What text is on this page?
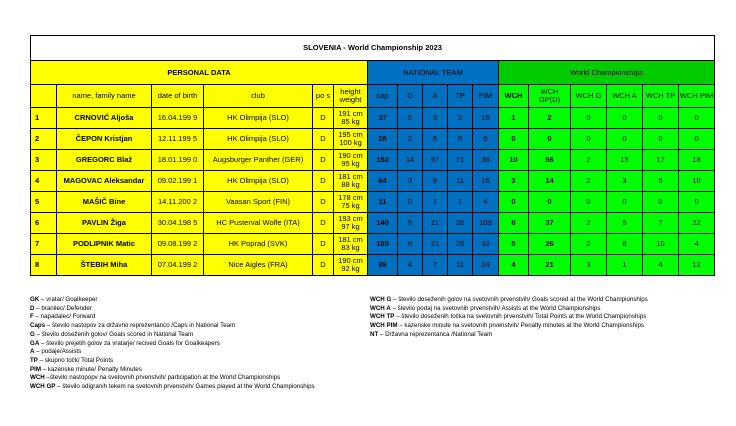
SLOVENIA - World Championship 2023																
PERSONAL DATA						NATIONAL TEAM					World Championships					
	name, family name	date of birth	club	po s	height weight	cap	G	A	TP	PIM	WCH	WCH GP(D)	WCH G	WCH A	WCH TP	WCH PIM
1	CRNOVIĆ Aljoša	16.04.199 9	HK Olimpija (SLO)	D	191 cm 85 kg	37	0	3	3	16	1	2	0	0	0	0
2	ČEPON Kristjan	12.11.199 5	HK Olimpija (SLO)	D	195 cm 100 kg	28	2	6	8	6	0	0	0	0	0	0
3	GREGORC Blaž	18.01.199 0	Augsburger Panther (GER)	D	190 cm 95 kg	152	14	57	71	36	10	56	2	15	17	18
4	MAGOVAC Aleksandar	09.02.199 1	HK Olimpija (SLO)	D	181 cm 88 kg	64	3	8	11	16	3	14	2	3	5	10
5	MAŠIČ Bine	14.11.200 2	Vaasan Sport (FIN)	D	178 cm 75 kg	11	0	1	1	4	0	0	0	0	0	0
6	PAVLIN Žiga	30.04.198 5	HC Pusterval Wolfe (ITA)	D	193 cm 97 kg	140	5	21	26	109	8	37	2	5	7	22
7	PODLIPNIK Matic	09.08.199 2	HK Poprad (SVK)	D	181 cm 83 kg	103	8	21	29	32	5	26	2	8	10	4
8	ŠTEBIH Miha	07.04.199 2	Nice Aigles (FRA)	D	190 cm 92 kg	89	4	7	11	24	4	21	3	1	4	12
GK – vratar/ Goalkeeper
D – branilec/ Defender
F – napadalec/ Forward
Caps – število nastopov za državno reprezentanco /Caps in National Team
G – število doseženih golov/ Goals scored in National Team
GA – število prejetih golov za vratarje/ recived Goals for Goalkeapers
A – podaje/Assists
TP – skupno točk/ Total Points
PIM – kazenske minute/ Penalty Minutes
WCH –število nastopopv na svetovnih prvenstvih/ participation at the World Championships
WCH GP – število odigranih tekem na svetovnih prvenstvih/ Games played at the World Championships
WCH G – število doseženih golov na svetovnih prvenstvih/ Goals scored at the World Championships
WCH A – število podaj na svetovnih prvenstvih/ Assists at the World Championships
WCH TP – število doseženih točka na svetovnih prvenstvih/ Total Points at the World Championships
WCH PIM – kazenske minute na svetovnih prvenstvih/ Penalty minutes at the World Championships
NT – Državna reprezentanca /National Team
